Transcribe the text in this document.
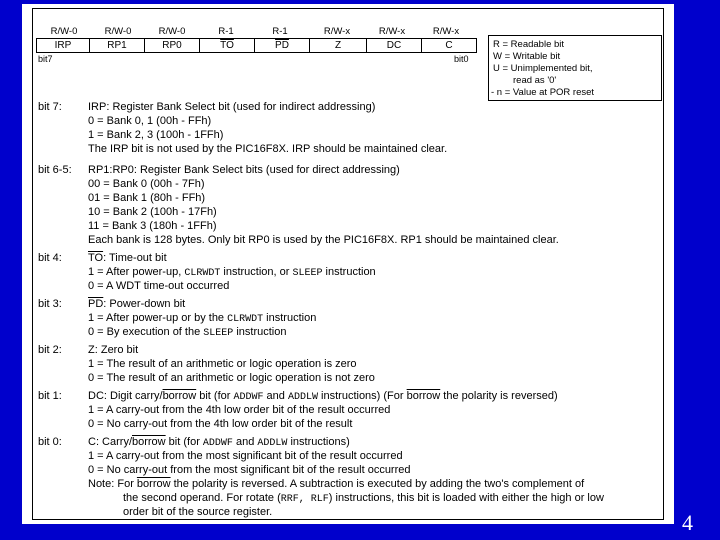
R/W-0	R/W-0	R/W-0	R-1	R-1	R/W-x	R/W-x	R/W-x
IRP	RP1	RP0	$\overline{TO}$	$\overline{PD}$	Z	DC	C
bit7	bit0
R = Readable bit
W = Writable bit
U = Unimplemented bit,
read as '0'
- n = Value at POR reset
bit 7: IRP: Register Bank Select bit (used for indirect addressing)
0 = Bank 0, 1 (00h - FFh)
1 = Bank 2, 3 (100h - 1FFh)
The IRP bit is not used by the PIC16F8X. IRP should be maintained clear.
bit 6-5: RP1:RP0: Register Bank Select bits (used for direct addressing)
00 = Bank 0 (00h - 7Fh)
01 = Bank 1 (80h - FFh)
10 = Bank 2 (100h - 17Fh)
11 = Bank 3 (180h - 1FFh)
Each bank is 128 bytes. Only bit RP0 is used by the PIC16F8X. RP1 should be maintained clear.
bit 4: $\overline{TO}$: Time-out bit
1 = After power-up, CLRWDT instruction, or SLEEP instruction
0 = A WDT time-out occurred
bit 3: $\overline{PD}$: Power-down bit
1 = After power-up or by the CLRWDT instruction
0 = By execution of the SLEEP instruction
bit 2: Z: Zero bit
1 = The result of an arithmetic or logic operation is zero
0 = The result of an arithmetic or logic operation is not zero
bit 1: DC: Digit carry/borrow bit (for ADDWF and ADDLW instructions) (For borrow the polarity is reversed)
1 = A carry-out from the 4th low order bit of the result occurred
0 = No carry-out from the 4th low order bit of the result
bit 0: C: Carry/borrow bit (for ADDWF and ADDLW instructions)
1 = A carry-out from the most significant bit of the result occurred
0 = No carry-out from the most significant bit of the result occurred
Note: For borrow the polarity is reversed. A subtraction is executed by adding the two's complement of
the second operand. For rotate (RRF, RLF) instructions, this bit is loaded with either the high or low
order bit of the source register.	4
